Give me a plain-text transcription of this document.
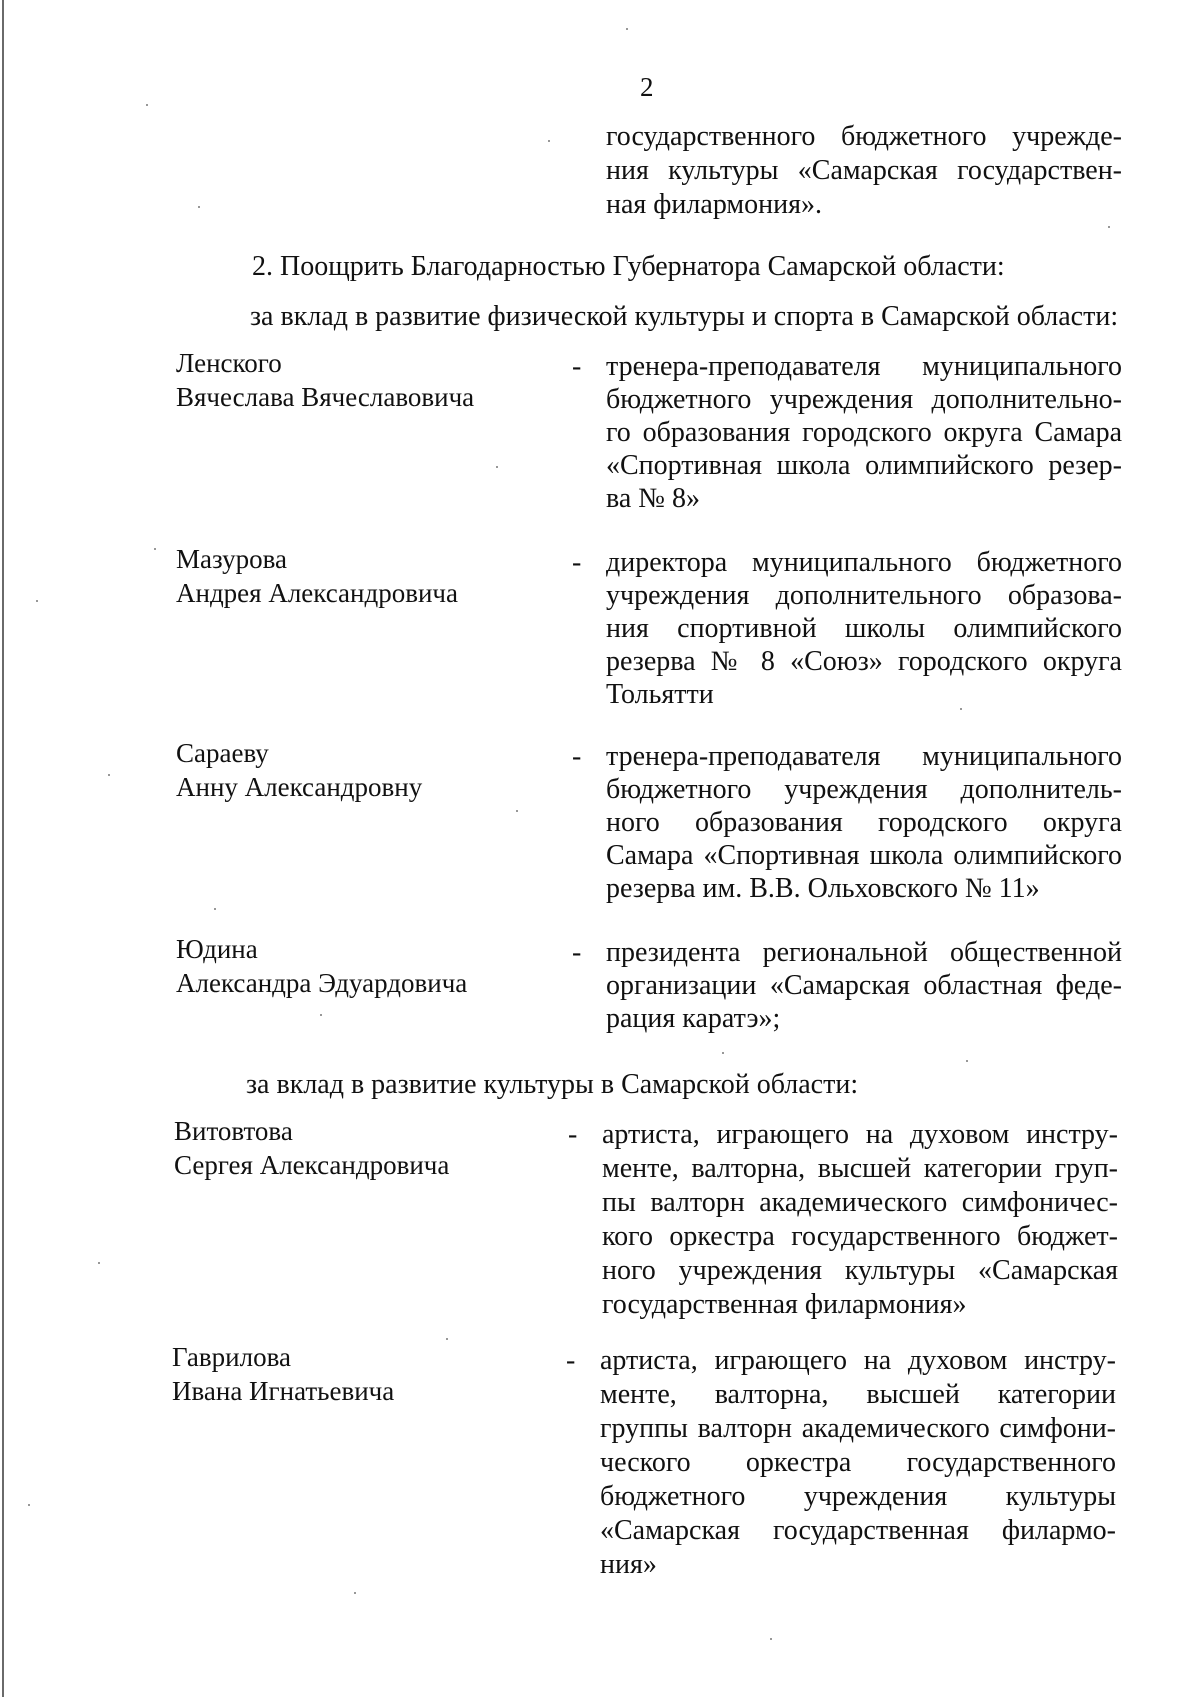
2
государственного бюджетного учрежде-ния культуры «Самарская государствен-ная филармония».
2. Поощрить Благодарностью Губернатора Самарской области:
за вклад в развитие физической культуры и спорта в Самарской области:
Ленского
Вячеслава Вячеславовича
- тренера-преподавателя муниципального бюджетного учреждения дополнительно-го образования городского округа Самара «Спортивная школа олимпийского резер-ва № 8»
Мазурова
Андрея Александровича
- директора муниципального бюджетного учреждения дополнительного образова-ния спортивной школы олимпийского резерва № 8 «Союз» городского округа Тольятти
Сараеву
Анну Александровну
- тренера-преподавателя муниципального бюджетного учреждения дополнитель-ного образования городского округа Самара «Спортивная школа олимпийского резерва им. В.В. Ольховского № 11»
Юдина
Александра Эдуардовича
- президента региональной общественной организации «Самарская областная феде-рация каратэ»;
за вклад в развитие культуры в Самарской области:
Витовтова
Сергея Александровича
- артиста, играющего на духовом инстру-менте, валторна, высшей категории груп-пы валторн академического симфоничес-кого оркестра государственного бюджет-ного учреждения культуры «Самарская государственная филармония»
Гаврилова
Ивана Игнатьевича
- артиста, играющего на духовом инстру-менте, валторна, высшей категории группы валторн академического симфони-ческого оркестра государственного бюджетного учреждения культуры «Самарская государственная филармо-ния»
